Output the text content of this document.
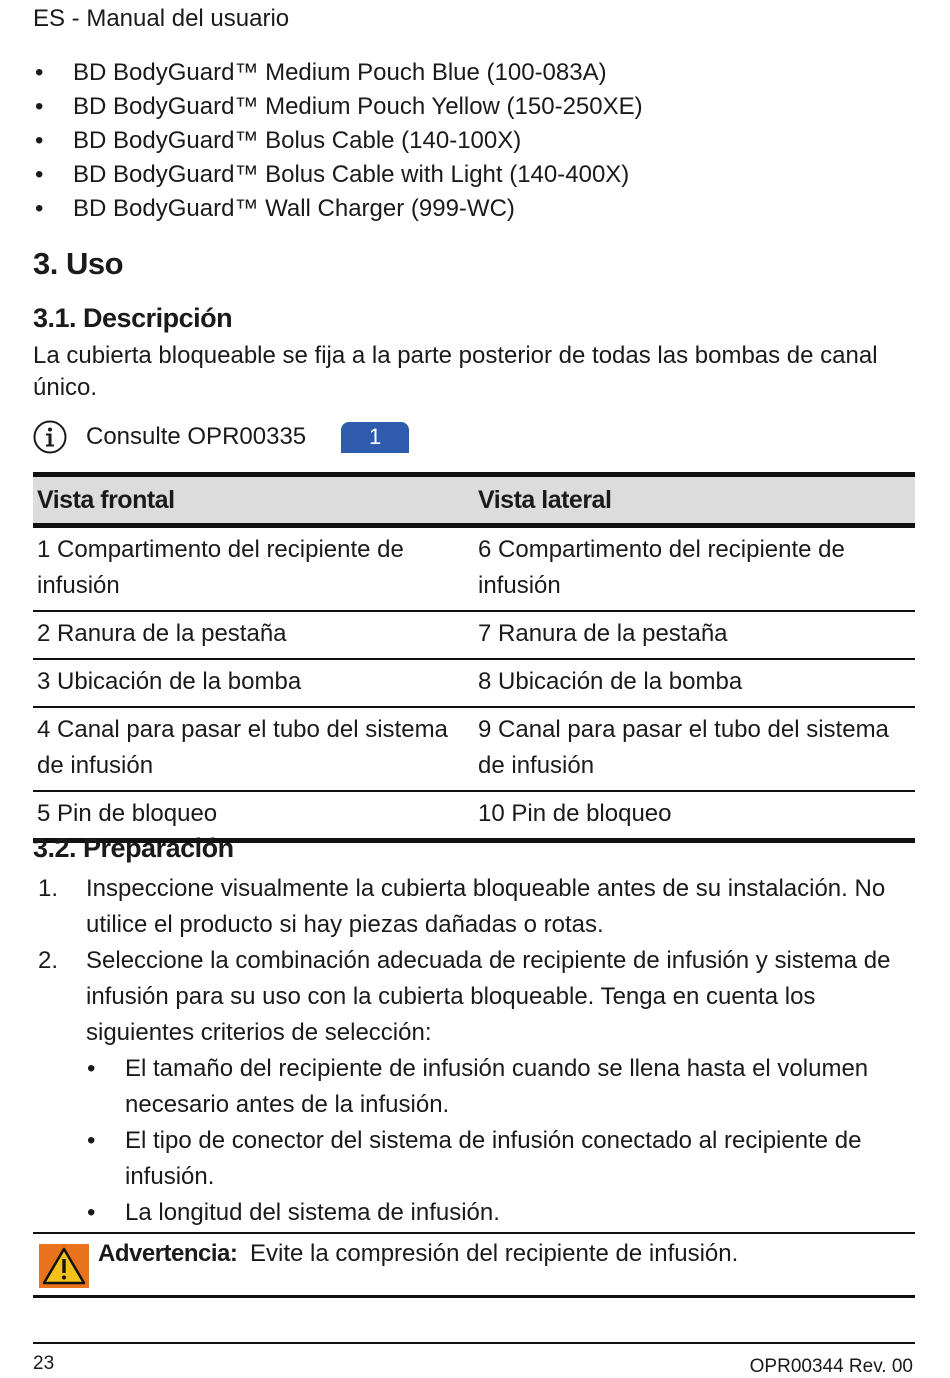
ES - Manual del usuario
• BD BodyGuard™ Medium Pouch Blue (100-083A)
• BD BodyGuard™ Medium Pouch Yellow (150-250XE)
• BD BodyGuard™ Bolus Cable (140-100X)
• BD BodyGuard™ Bolus Cable with Light (140-400X)
• BD BodyGuard™ Wall Charger (999-WC)
3. Uso
3.1. Descripción
La cubierta bloqueable se fija a la parte posterior de todas las bombas de canal único.
Consulte OPR00335	1
Vista frontal	Vista lateral
1 Compartimento del recipiente de infusión	6 Compartimento del recipiente de infusión
2 Ranura de la pestaña	7 Ranura de la pestaña
3 Ubicación de la bomba	8 Ubicación de la bomba
4 Canal para pasar el tubo del sistema de infusión	9 Canal para pasar el tubo del sistema de infusión
5 Pin de bloqueo	10 Pin de bloqueo
3.2. Preparación
1. Inspeccione visualmente la cubierta bloqueable antes de su instalación. No utilice el producto si hay piezas dañadas o rotas.
2. Seleccione la combinación adecuada de recipiente de infusión y sistema de infusión para su uso con la cubierta bloqueable. Tenga en cuenta los siguientes criterios de selección:
• El tamaño del recipiente de infusión cuando se llena hasta el volumen necesario antes de la infusión.
• El tipo de conector del sistema de infusión conectado al recipiente de infusión.
• La longitud del sistema de infusión.
Advertencia: Evite la compresión del recipiente de infusión.
23	OPR00344 Rev. 00
